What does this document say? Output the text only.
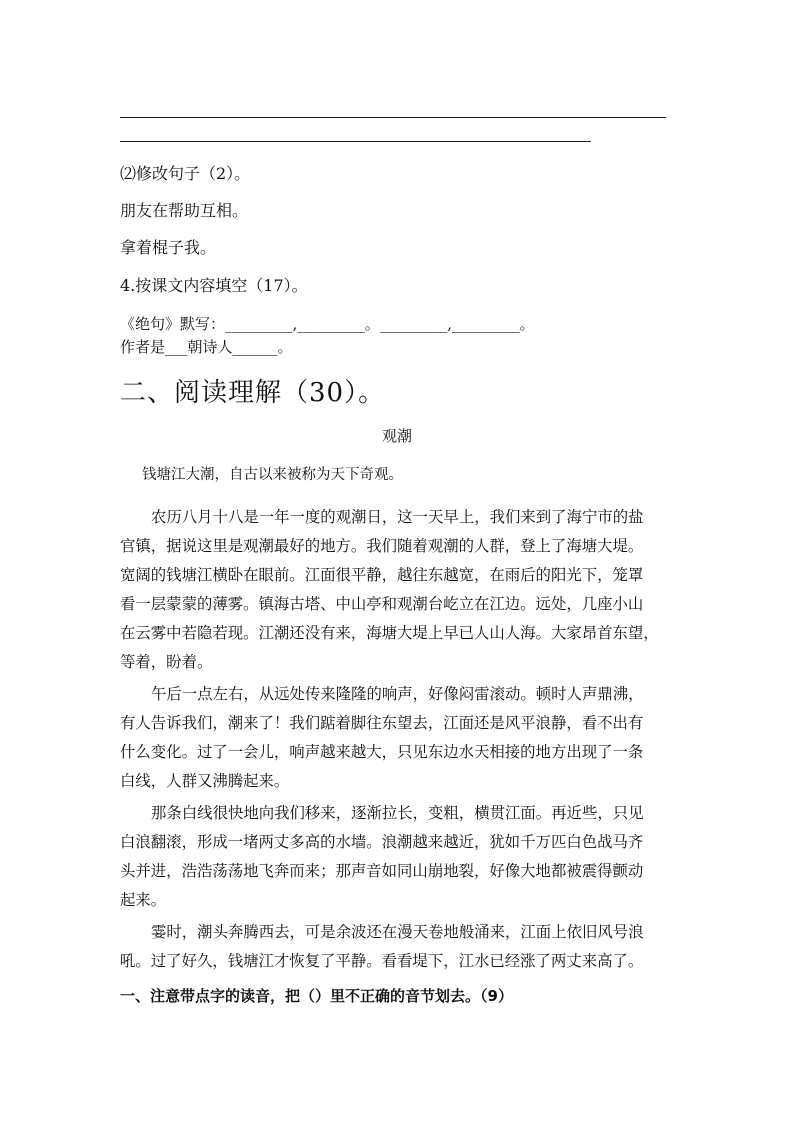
⑵修改句子（2）。
朋友在帮助互相。
拿着棍子我。
4.按课文内容填空（17）。
《绝句》默写：_________,_________。_________,_________。
作者是___朝诗人______。
二、阅读理解（30）。
观潮
钱塘江大潮，自古以来被称为天下奇观。
农历八月十八是一年一度的观潮日，这一天早上，我们来到了海宁市的盐
官镇，据说这里是观潮最好的地方。我们随着观潮的人群，登上了海塘大堤。
宽阔的钱塘江横卧在眼前。江面很平静，越往东越宽，在雨后的阳光下，笼罩
看一层蒙蒙的薄雾。镇海古塔、中山亭和观潮台屹立在江边。远处，几座小山
在云雾中若隐若现。江潮还没有来，海塘大堤上早已人山人海。大家昂首东望，
等着，盼着。
午后一点左右，从远处传来隆隆的响声，好像闷雷滚动。顿时人声鼎沸，
有人告诉我们，潮来了！我们踮着脚往东望去，江面还是风平浪静，看不出有
什么变化。过了一会儿，响声越来越大，只见东边水天相接的地方出现了一条
白线，人群又沸腾起来。
那条白线很快地向我们移来，逐渐拉长，变粗，横贯江面。再近些，只见
白浪翻滚，形成一堵两丈多高的水墙。浪潮越来越近，犹如千万匹白色战马齐
头并进，浩浩荡荡地飞奔而来；那声音如同山崩地裂，好像大地都被震得颤动
起来。
霎时，潮头奔腾西去，可是余波还在漫天卷地般涌来，江面上依旧风号浪
吼。过了好久，钱塘江才恢复了平静。看看堤下，江水已经涨了两丈来高了。
一、注意带点字的读音，把（）里不正确的音节划去。（9）
